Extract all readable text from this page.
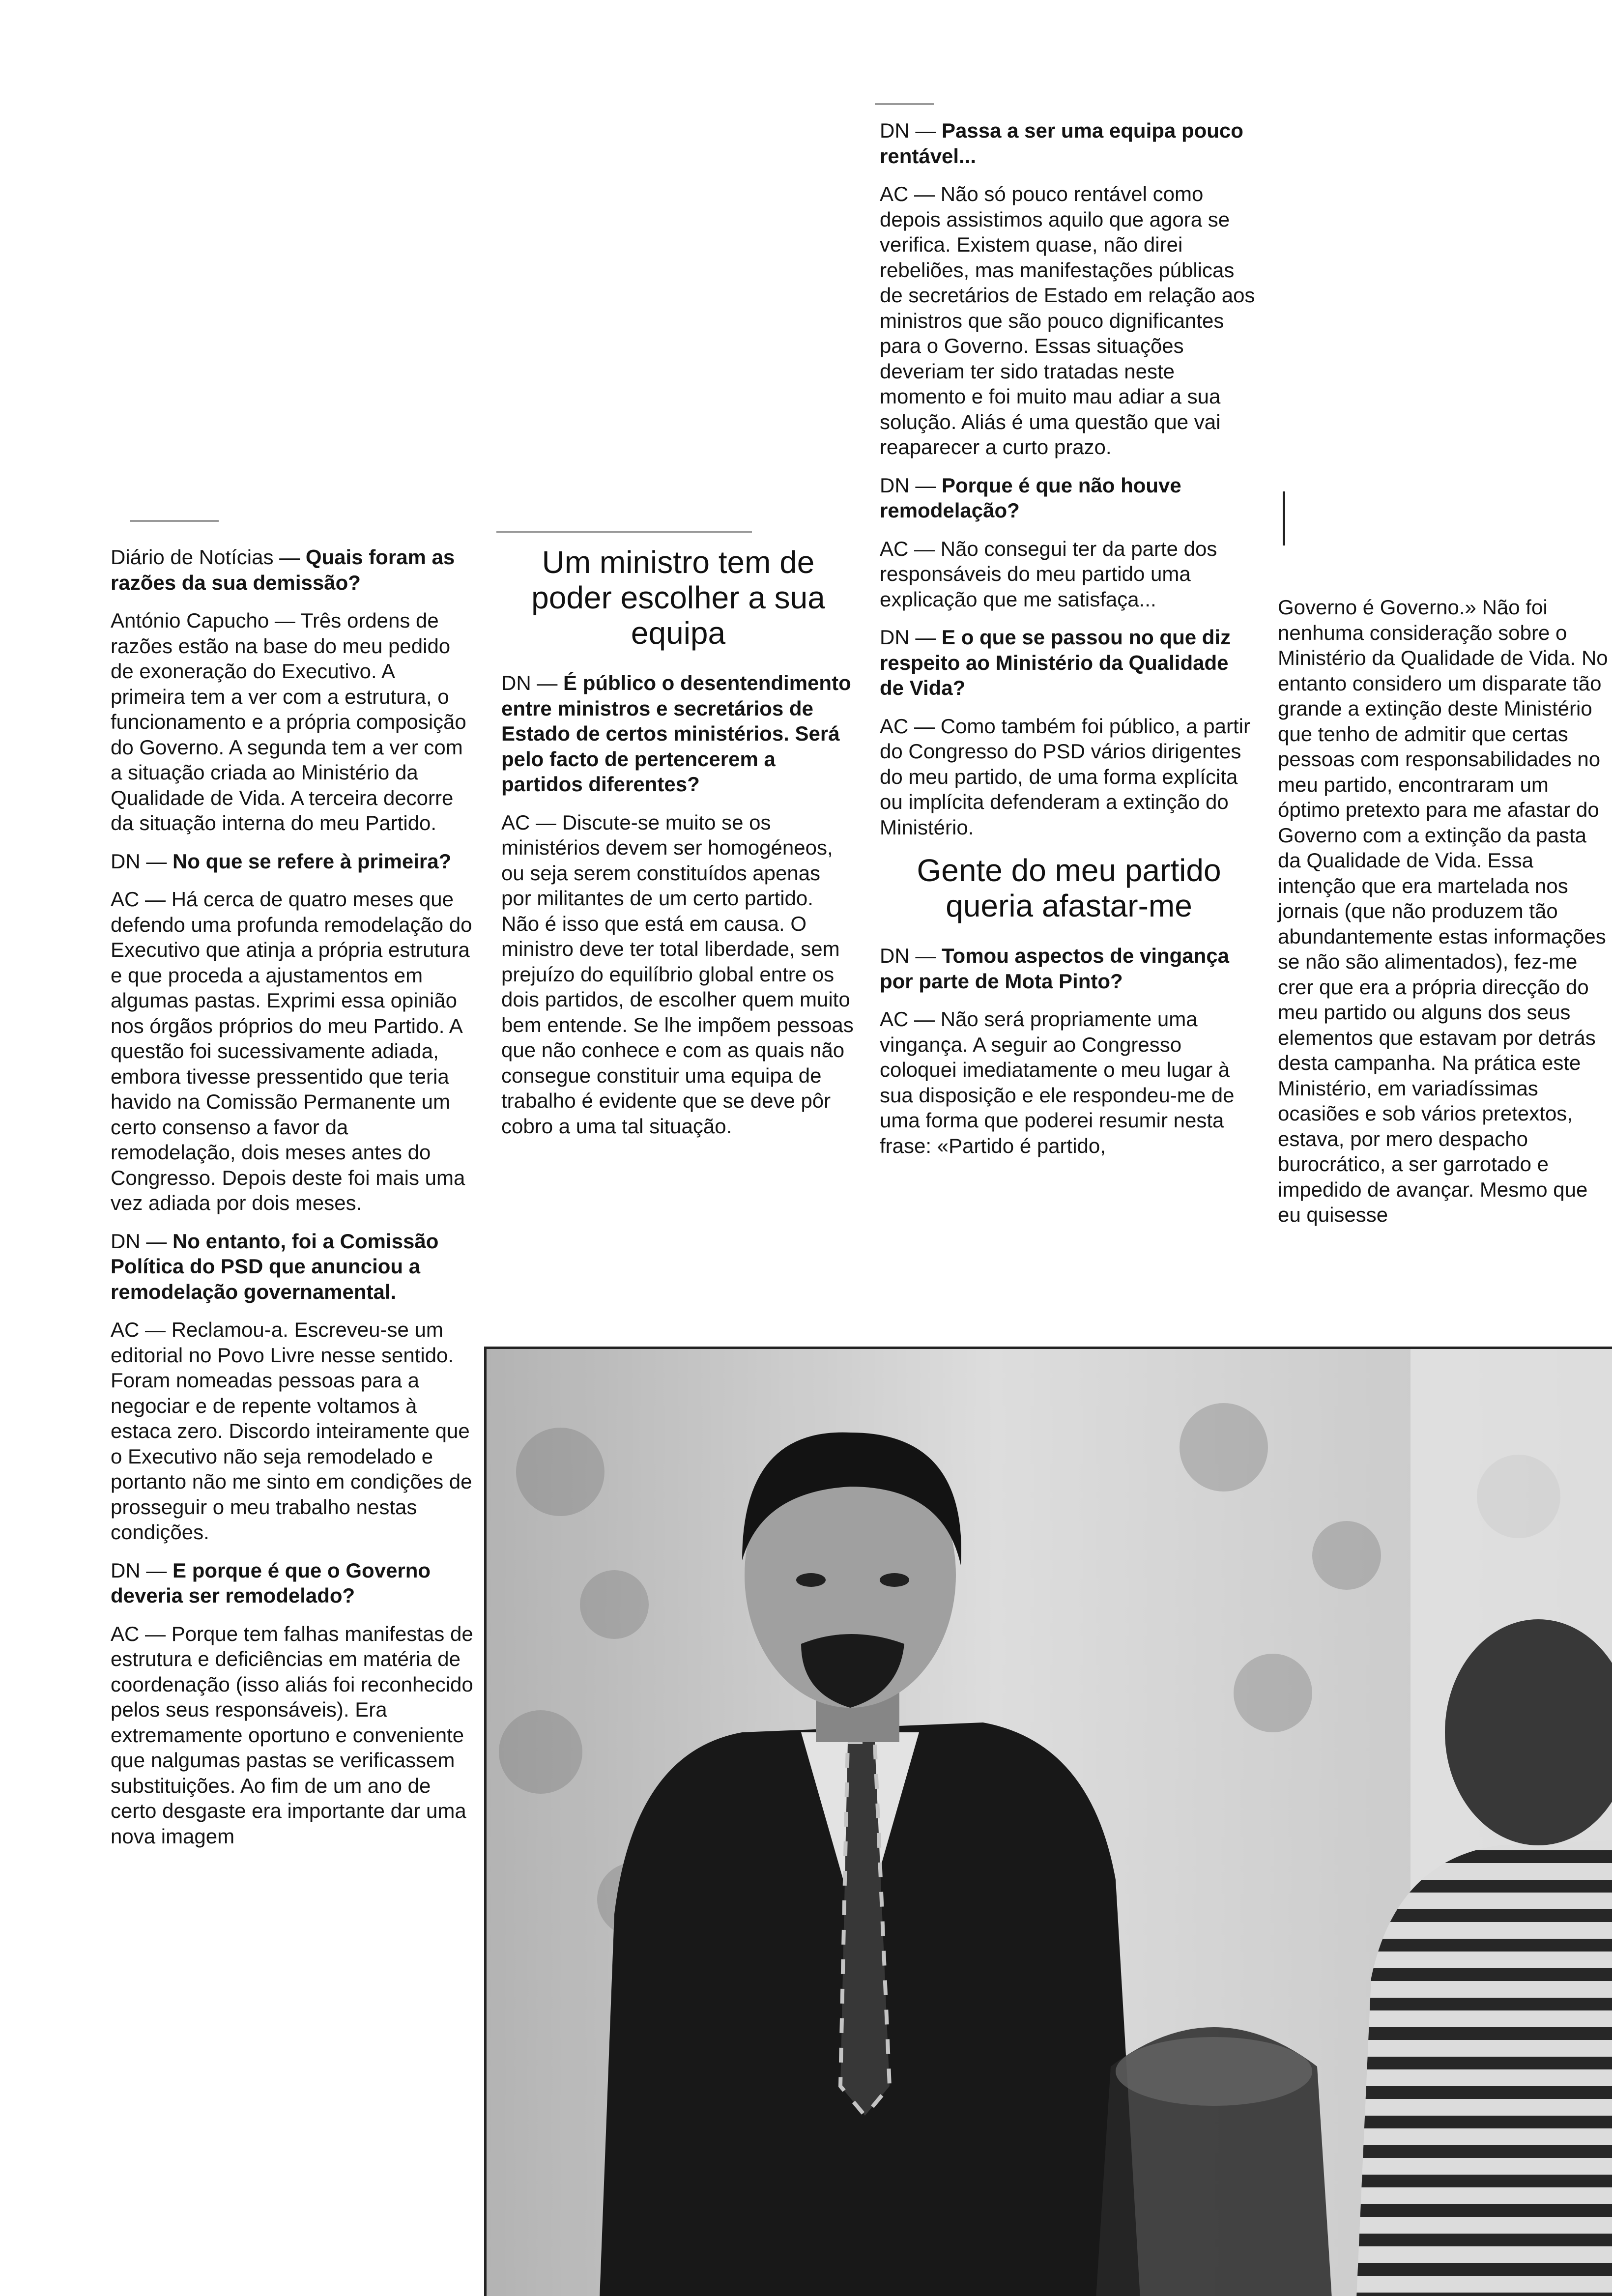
Diário de Notícias — Quais foram as razões da sua demissão?

António Capucho — Três ordens de razões estão na base do meu pedido de exoneração do Executivo. A primeira tem a ver com a estrutura, o funcionamento e a própria composição do Governo. A segunda tem a ver com a situação criada ao Ministério da Qualidade de Vida. A terceira decorre da situação interna do meu Partido.

DN — No que se refere à primeira?

AC — Há cerca de quatro meses que defendo uma profunda remodelação do Executivo que atinja a própria estrutura e que proceda a ajustamentos em algumas pastas. Exprimi essa opinião nos órgãos próprios do meu Partido. A questão foi sucessivamente adiada, embora tivesse pressentido que teria havido na Comissão Permanente um certo consenso a favor da remodelação, dois meses antes do Congresso. Depois deste foi mais uma vez adiada por dois meses.

DN — No entanto, foi a Comissão Política do PSD que anunciou a remodelação governamental.

AC — Reclamou-a. Escreveu-se um editorial no Povo Livre nesse sentido. Foram nomeadas pessoas para a negociar e de repente voltamos à estaca zero. Discordo inteiramente que o Executivo não seja remodelado e portanto não me sinto em condições de prosseguir o meu trabalho nestas condições.

DN — E porque é que o Governo deveria ser remodelado?

AC — Porque tem falhas manifestas de estrutura e deficiências em matéria de coordenação (isso aliás foi reconhecido pelos seus responsáveis). Era extremamente oportuno e conveniente que nalgumas pastas se verificassem substituições. Ao fim de um ano de certo desgaste era importante dar uma nova imagem

Um ministro tem de poder escolher a sua equipa

DN — É público o desentendimento entre ministros e secretários de Estado de certos ministérios. Será pelo facto de pertencerem a partidos diferentes?

AC — Discute-se muito se os ministérios devem ser homogéneos, ou seja serem constituídos apenas por militantes de um certo partido. Não é isso que está em causa. O ministro deve ter total liberdade, sem prejuízo do equilíbrio global entre os dois partidos, de escolher quem muito bem entende. Se lhe impõem pessoas que não conhece e com as quais não consegue constituir uma equipa de trabalho é evidente que se deve pôr cobro a uma tal situação.

DN — Passa a ser uma equipa pouco rentável...

AC — Não só pouco rentável como depois assistimos aquilo que agora se verifica. Existem quase, não direi rebeliões, mas manifestações públicas de secretários de Estado em relação aos ministros que são pouco dignificantes para o Governo. Essas situações deveriam ter sido tratadas neste momento e foi muito mau adiar a sua solução. Aliás é uma questão que vai reaparecer a curto prazo.

DN — Porque é que não houve remodelação?

AC — Não consegui ter da parte dos responsáveis do meu partido uma explicação que me satisfaça...

DN — E o que se passou no que diz respeito ao Ministério da Qualidade de Vida?

AC — Como também foi público, a partir do Congresso do PSD vários dirigentes do meu partido, de uma forma explícita ou implícita defenderam a extinção do Ministério.

Gente do meu partido queria afastar-me

DN — Tomou aspectos de vingança por parte de Mota Pinto?

AC — Não será propriamente uma vingança. A seguir ao Congresso coloquei imediatamente o meu lugar à sua disposição e ele respondeu-me de uma forma que poderei resumir nesta frase: «Partido é partido,

Governo é Governo.» Não foi nenhuma consideração sobre o Ministério da Qualidade de Vida. No entanto considero um disparate tão grande a extinção deste Ministério que tenho de admitir que certas pessoas com responsabilidades no meu partido, encontraram um óptimo pretexto para me afastar do Governo com a extinção da pasta da Qualidade de Vida. Essa intenção que era martelada nos jornais (que não produzem tão abundantemente estas informações se não são alimentados), fez-me crer que era a própria direcção do meu partido ou alguns dos seus elementos que estavam por detrás desta campanha. Na prática este Ministério, em variadíssimas ocasiões e sob vários pretextos, estava, por mero despacho burocrático, a ser garrotado e impedido de avançar. Mesmo que eu quisesse
